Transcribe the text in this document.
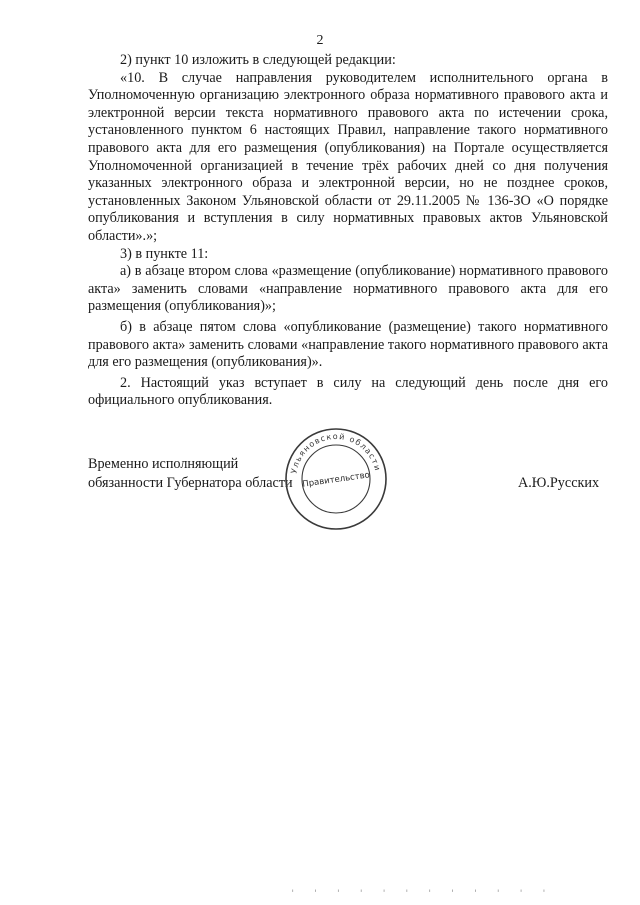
2

2) пункт 10 изложить в следующей редакции:

«10. В случае направления руководителем исполнительного органа в Уполномоченную организацию электронного образа нормативного правового акта и электронной версии текста нормативного правового акта по истечении срока, установленного пунктом 6 настоящих Правил, направление такого нормативного правового акта для его размещения (опубликования) на Портале осуществляется Уполномоченной организацией в течение трёх рабочих дней со дня получения указанных электронного образа и электронной версии, но не позднее сроков, установленных Законом Ульяновской области от 29.11.2005 № 136-ЗО «О порядке опубликования и вступления в силу нормативных правовых актов Ульяновской области».»;

3) в пункте 11:

а) в абзаце втором слова «размещение (опубликование) нормативного правового акта» заменить словами «направление нормативного правового акта для его размещения (опубликования)»;

б) в абзаце пятом слова «опубликование (размещение) такого нормативного правового акта» заменить словами «направление такого нормативного правового акта для его размещения (опубликования)».

2. Настоящий указ вступает в силу на следующий день после дня его официального опубликования.

Временно исполняющий
обязанности Губернатора области	А.Ю.Русских
Ульяновской области
Правительство
' ' ' ' ' ' ' ' ' ' ' '
